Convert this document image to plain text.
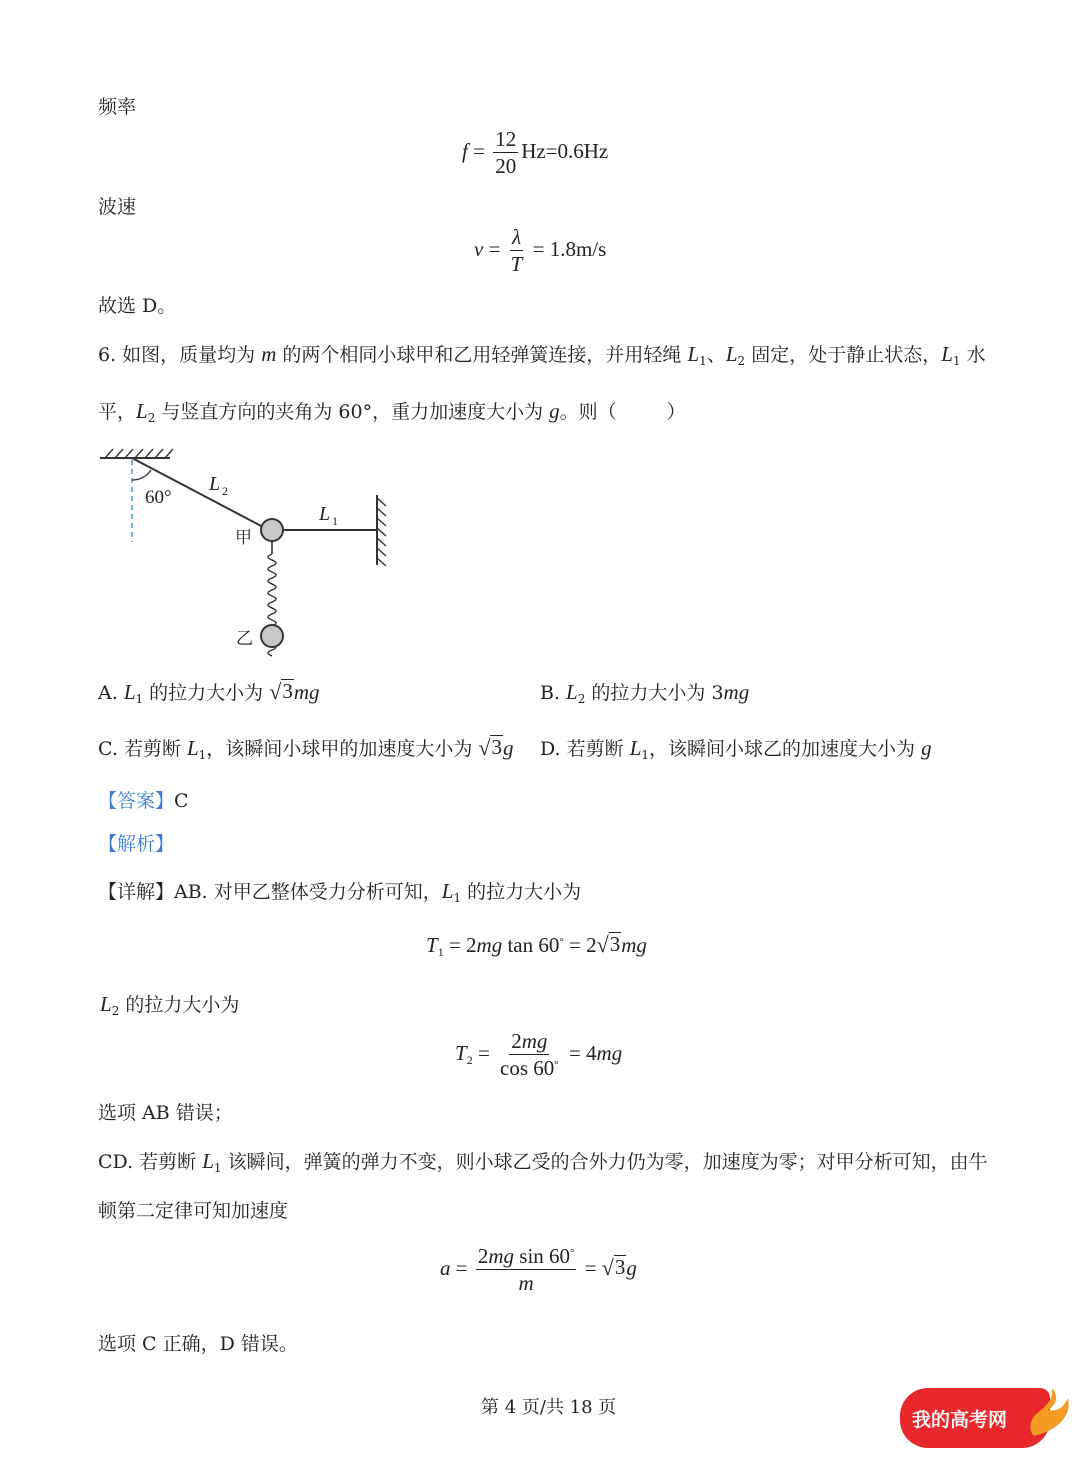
频率
$f = \frac{12}{20} Hz=0.6Hz$
波速
$v = \frac{\lambda}{T} = 1.8m/s$
故选 D。
6. 如图，质量均为 m 的两个相同小球甲和乙用轻弹簧连接，并用轻绳 $L_1$、$L_2$ 固定，处于静止状态，$L_1$ 水
平，$L_2$ 与竖直方向的夹角为 60°，重力加速度大小为 g。则（	）
60°
L 2
L 1
甲
乙
A. $L_1$ 的拉力大小为 √ 3 mg	B. $L_2$ 的拉力大小为 3mg
C. 若剪断 $L_1$，该瞬间小球甲的加速度大小为 √ 3 g D. 若剪断 $L_1$，该瞬间小球乙的加速度大小为 g
【答案】C
【解析】
【详解】AB. 对甲乙整体受力分析可知，$L_1$ 的拉力大小为
$T_1 = 2mg$ tan 60° = 2 √ 3 mg
$L_2$ 的拉力大小为
$T_2 = \frac{2mg}{\cos 60^\circ} = 4mg$
选项 AB 错误；
CD. 若剪断 $L_1$ 该瞬间，弹簧的弹力不变，则小球乙受的合外力仍为零，加速度为零；对甲分析可知，由牛
顿第二定律可知加速度
$a = \frac{2mg \sin 60^\circ}{m}$ = √ 3 g
选项 C 正确，D 错误。
第 4 页/共 18 页
我的高考网
